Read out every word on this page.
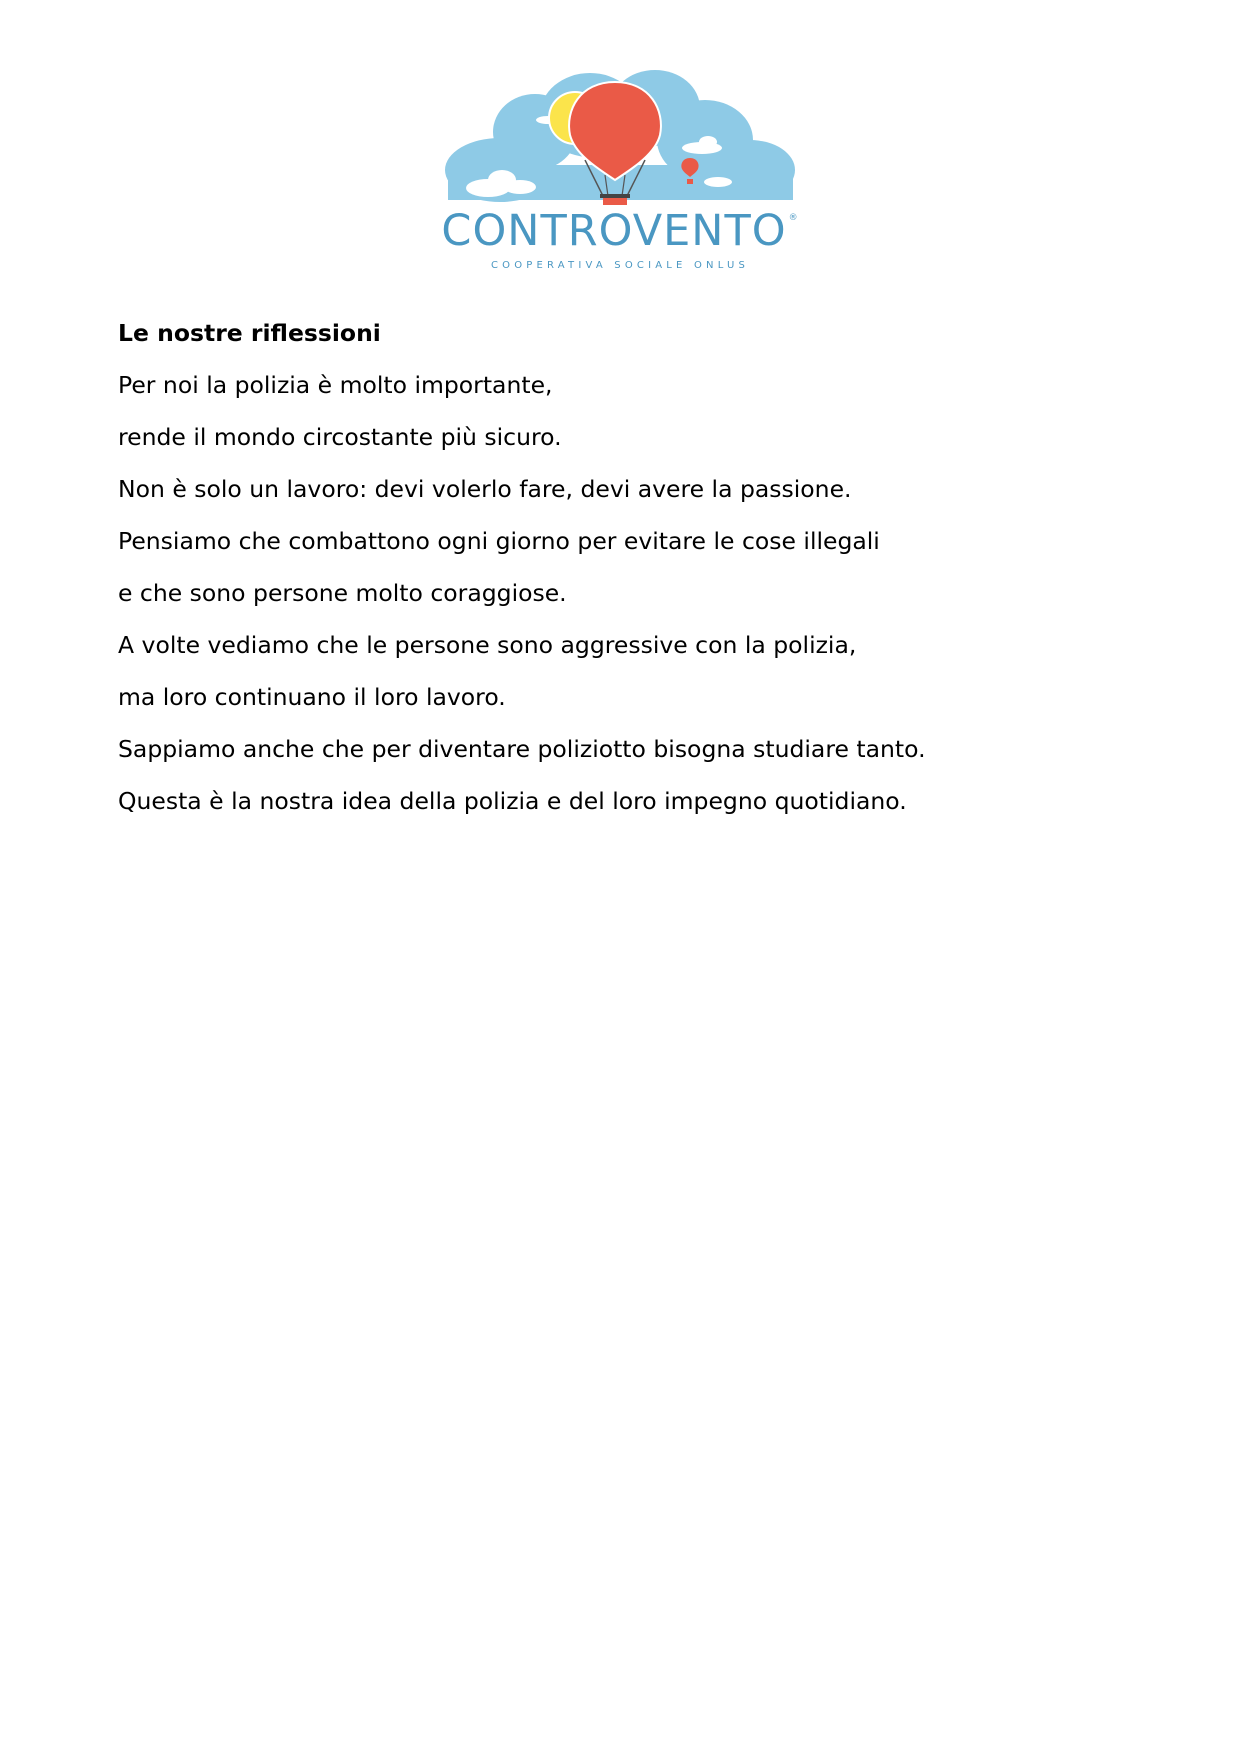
CONTROVENTO ®
COOPERATIVA SOCIALE ONLUS

Le nostre riflessioni

Per noi la polizia è molto importante,

rende il mondo circostante più sicuro.

Non è solo un lavoro: devi volerlo fare, devi avere la passione.

Pensiamo che combattono ogni giorno per evitare le cose illegali

e che sono persone molto coraggiose.

A volte vediamo che le persone sono aggressive con la polizia,

ma loro continuano il loro lavoro.

Sappiamo anche che per diventare poliziotto bisogna studiare tanto.

Questa è la nostra idea della polizia e del loro impegno quotidiano.
